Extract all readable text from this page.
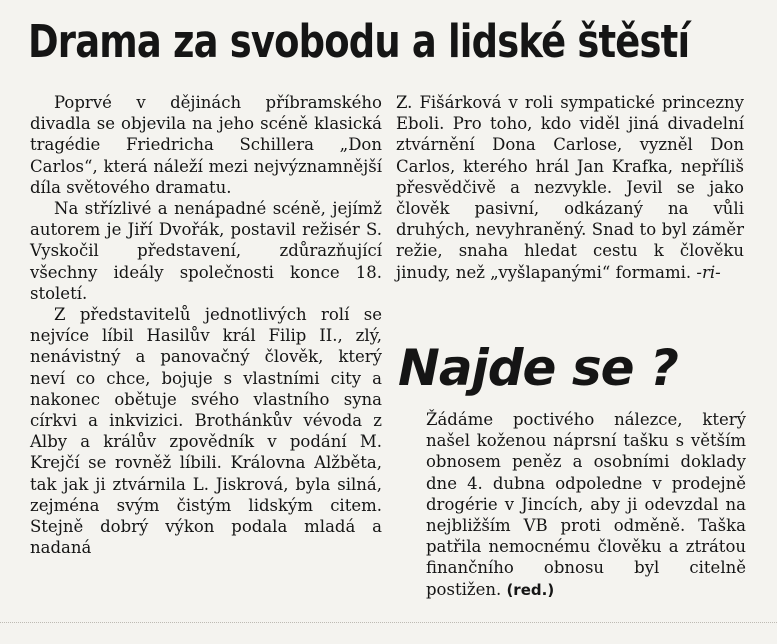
Drama za svobodu a lidské štěstí

Poprvé v dějinách příbramského divadla se objevila na jeho scéně klasická tragédie Friedricha Schillera „Don Carlos“, která náleží mezi nejvýznamnější díla světového dramatu.

Na střízlivé a nenápadné scéně, jejímž autorem je Jiří Dvořák, postavil režisér S. Vyskočil představení, zdůrazňující všechny ideály společnosti konce 18. století.

Z představitelů jednotlivých rolí se nejvíce líbil Hasilův král Filip II., zlý, nenávistný a panovačný člověk, který neví co chce, bojuje s vlastními city a nakonec obětuje svého vlastního syna církvi a inkvizici. Brothánkův vévoda z Alby a králův zpovědník v podání M. Krejčí se rovněž líbili. Královna Alžběta, tak jak ji ztvárnila L. Jiskrová, byla silná, zejména svým čistým lidským citem. Stejně dobrý výkon podala mladá a nadaná

Z. Fišárková v roli sympatické princezny Eboli. Pro toho, kdo viděl jiná divadelní ztvárnění Dona Carlose, vyzněl Don Carlos, kterého hrál Jan Krafka, nepříliš přesvědčivě a nezvykle. Jevil se jako člověk pasivní, odkázaný na vůli druhých, nevyhraněný. Snad to byl záměr režie, snaha hledat cestu k člověku jinudy, než „vyšlapanými“ formami. -ri-

Najde se ?

Žádáme poctivého nálezce, který našel koženou náprsní tašku s větším obnosem peněz a osobními doklady dne 4. dubna odpoledne v prodejně drogérie v Jincích, aby ji odevzdal na nejbližším VB proti odměně. Taška patřila nemocnému člověku a ztrátou finančního obnosu byl citelně postižen. (red.)
